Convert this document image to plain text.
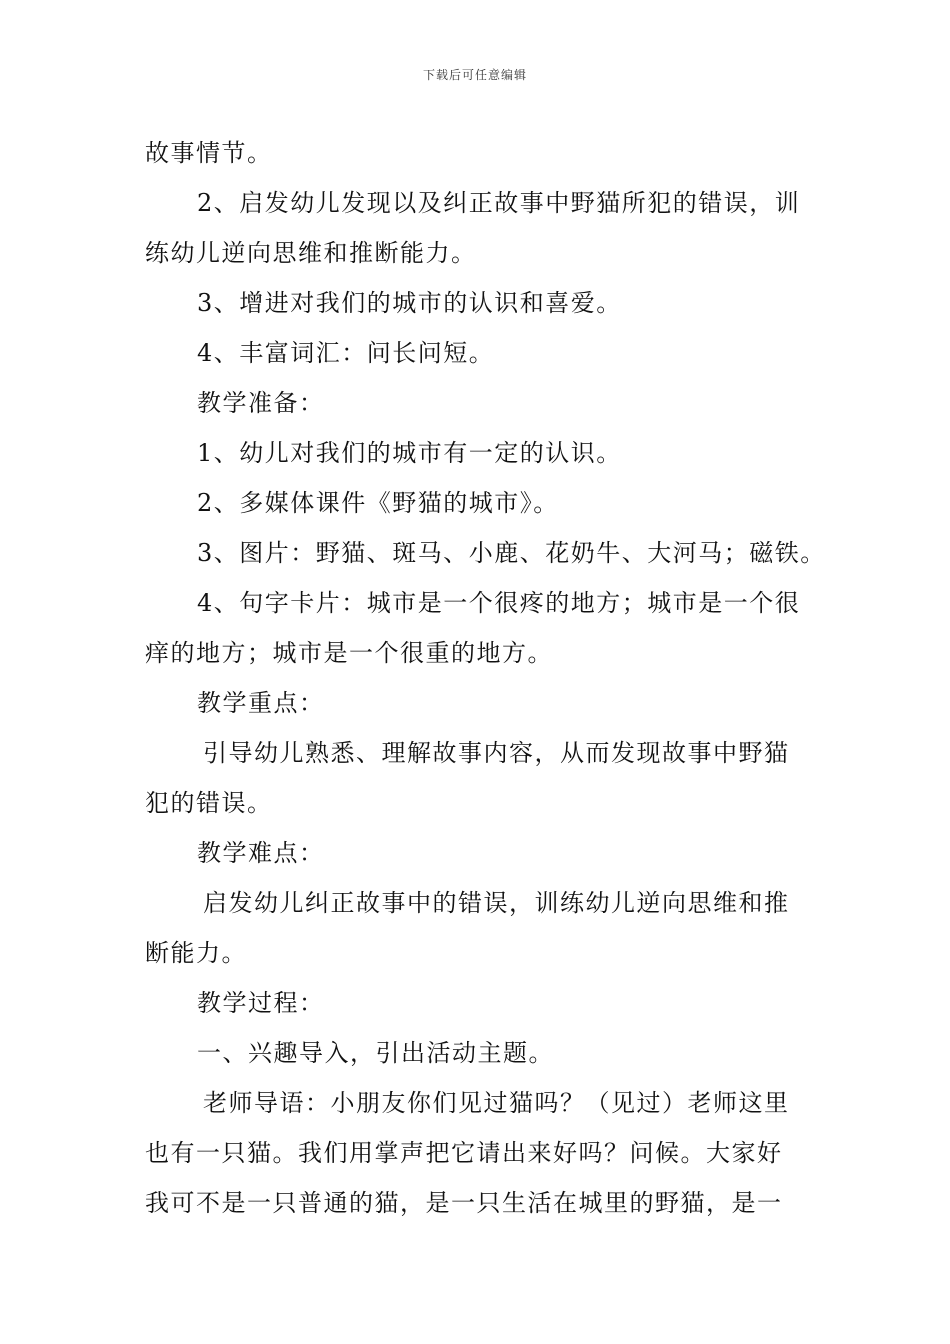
下载后可任意编辑
故事情节。
2、启发幼儿发现以及纠正故事中野猫所犯的错误，训
练幼儿逆向思维和推断能力。
3、增进对我们的城市的认识和喜爱。
4、丰富词汇：问长问短。
教学准备：
1、幼儿对我们的城市有一定的认识。
2、多媒体课件《野猫的城市》。
3、图片：野猫、斑马、小鹿、花奶牛、大河马；磁铁。
4、句字卡片：城市是一个很疼的地方；城市是一个很
痒的地方；城市是一个很重的地方。
教学重点：
引导幼儿熟悉、理解故事内容，从而发现故事中野猫
犯的错误。
教学难点：
启发幼儿纠正故事中的错误，训练幼儿逆向思维和推
断能力。
教学过程：
一、兴趣导入，引出活动主题。
老师导语：小朋友你们见过猫吗？（见过）老师这里
也有一只猫。我们用掌声把它请出来好吗？问候。大家好
我可不是一只普通的猫，是一只生活在城里的野猫，是一
